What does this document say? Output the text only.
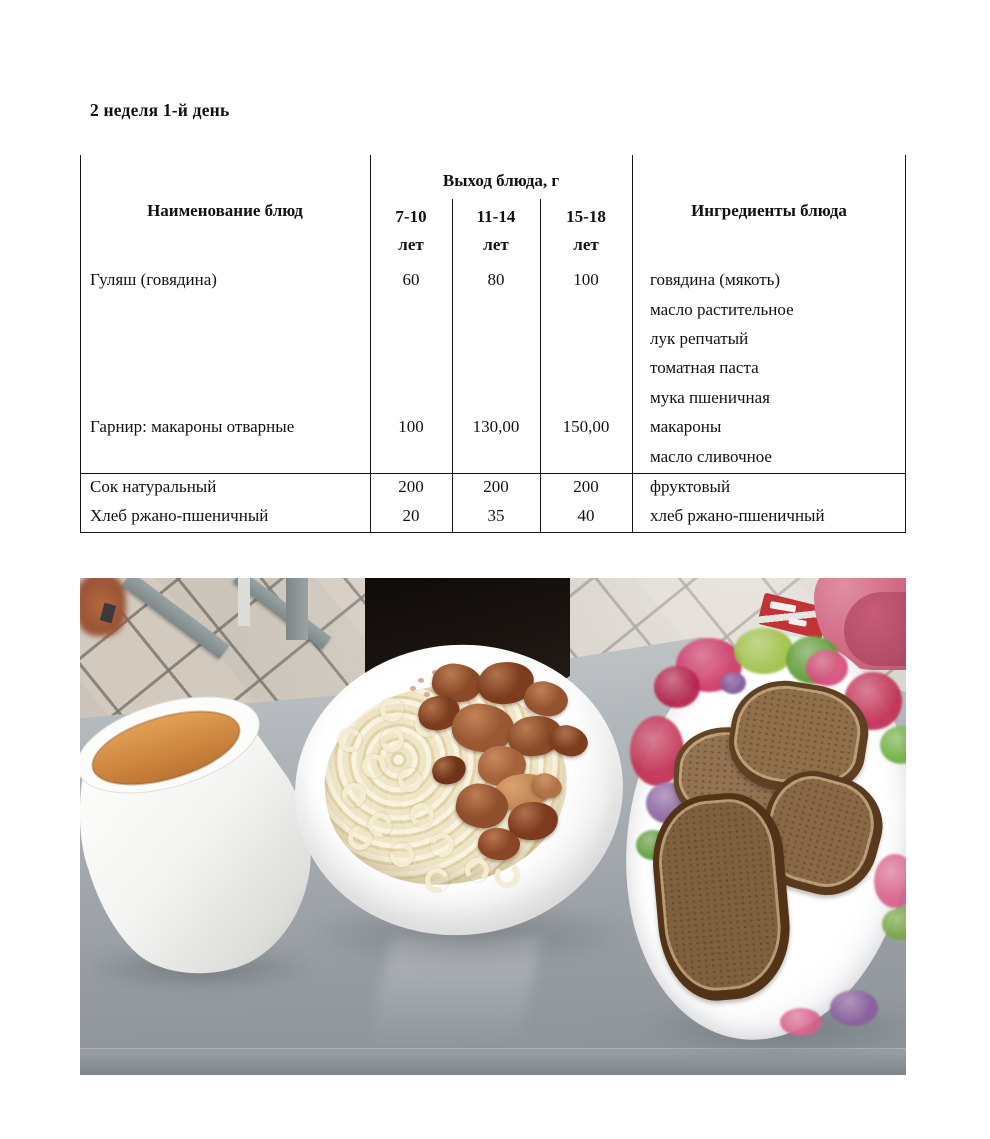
2 неделя 1-й день
Выход блюда, г
Наименование блюд	Ингредиенты блюда
7-10
лет
11-14
лет
15-18
лет
Гуляш (говядина)
Гарнир: макароны отварные
Сок натуральный
Хлеб ржано-пшеничный
60
100
200
20
80
130,00
200
35
100
150,00
200
40
говядина (мякоть)
масло растительное
лук репчатый
томатная паста
мука пшеничная
макароны
масло сливочное
фруктовый
хлеб ржано-пшеничный
